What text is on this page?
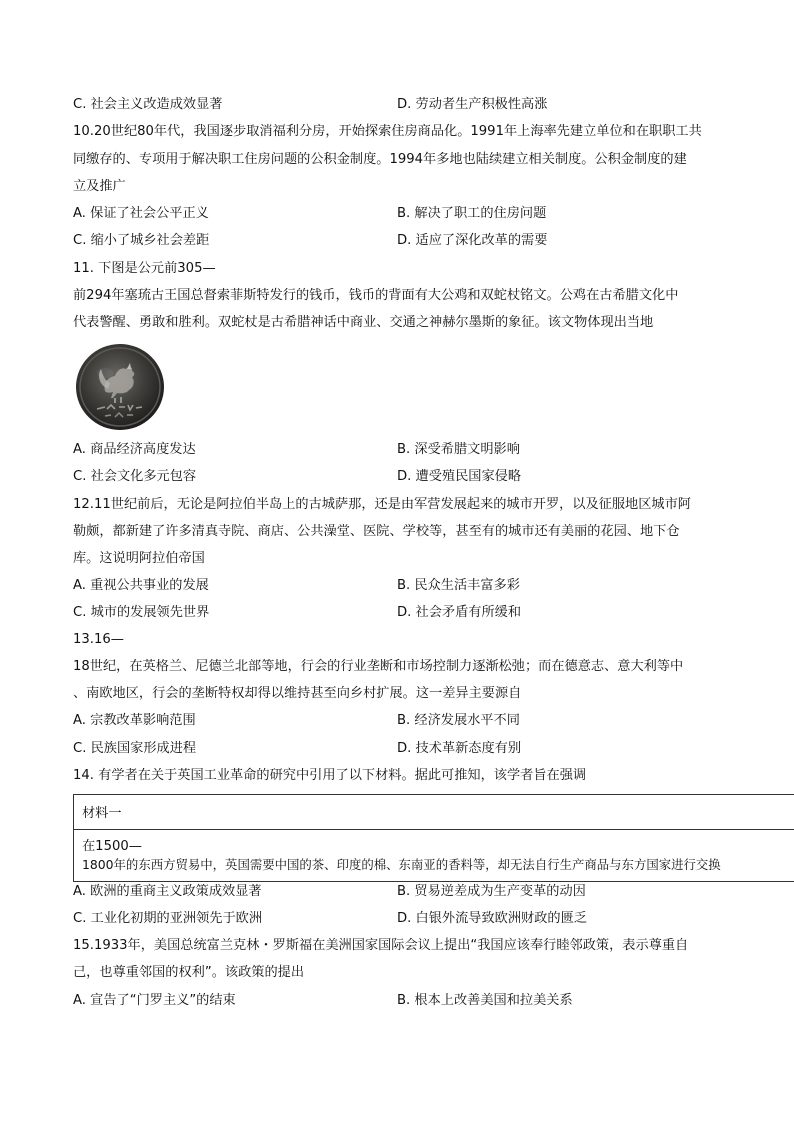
C. 社会主义改造成效显著	D. 劳动者生产积极性高涨
10.20世纪80年代，我国逐步取消福利分房，开始探索住房商品化。1991年上海率先建立单位和在职职工共
同缴存的、专项用于解决职工住房问题的公积金制度。1994年多地也陆续建立相关制度。公积金制度的建
立及推广
A. 保证了社会公平正义	B. 解决了职工的住房问题
C. 缩小了城乡社会差距	D. 适应了深化改革的需要
11. 下图是公元前305—
前294年塞琉古王国总督索菲斯特发行的钱币，钱币的背面有大公鸡和双蛇杖铭文。公鸡在古希腊文化中
代表警醒、勇敢和胜利。双蛇杖是古希腊神话中商业、交通之神赫尔墨斯的象征。该文物体现出当地
A. 商品经济高度发达	B. 深受希腊文明影响
C. 社会文化多元包容	D. 遭受殖民国家侵略
12.11世纪前后，无论是阿拉伯半岛上的古城萨那，还是由军营发展起来的城市开罗，以及征服地区城市阿
勒颇，都新建了许多清真寺院、商店、公共澡堂、医院、学校等，甚至有的城市还有美丽的花园、地下仓
库。这说明阿拉伯帝国
A. 重视公共事业的发展	B. 民众生活丰富多彩
C. 城市的发展领先世界	D. 社会矛盾有所缓和
13.16—
18世纪，在英格兰、尼德兰北部等地，行会的行业垄断和市场控制力逐渐松弛；而在德意志、意大利等中
、南欧地区，行会的垄断特权却得以维持甚至向乡村扩展。这一差异主要源自
A. 宗教改革影响范围	B. 经济发展水平不同
C. 民族国家形成进程	D. 技术革新态度有别
14. 有学者在关于英国工业革命的研究中引用了以下材料。据此可推知，该学者旨在强调
材料一
在1500—
1800年的东西方贸易中，英国需要中国的茶、印度的棉、东南亚的香料等，却无法自行生产商品与东方国家进行交换
A. 欧洲的重商主义政策成效显著	B. 贸易逆差成为生产变革的动因
C. 工业化初期的亚洲领先于欧洲	D. 白银外流导致欧洲财政的匮乏
15.1933年，美国总统富兰克林・罗斯福在美洲国家国际会议上提出“我国应该奉行睦邻政策，表示尊重自
己，也尊重邻国的权利”。该政策的提出
A. 宣告了“门罗主义”的结束	B. 根本上改善美国和拉美关系
